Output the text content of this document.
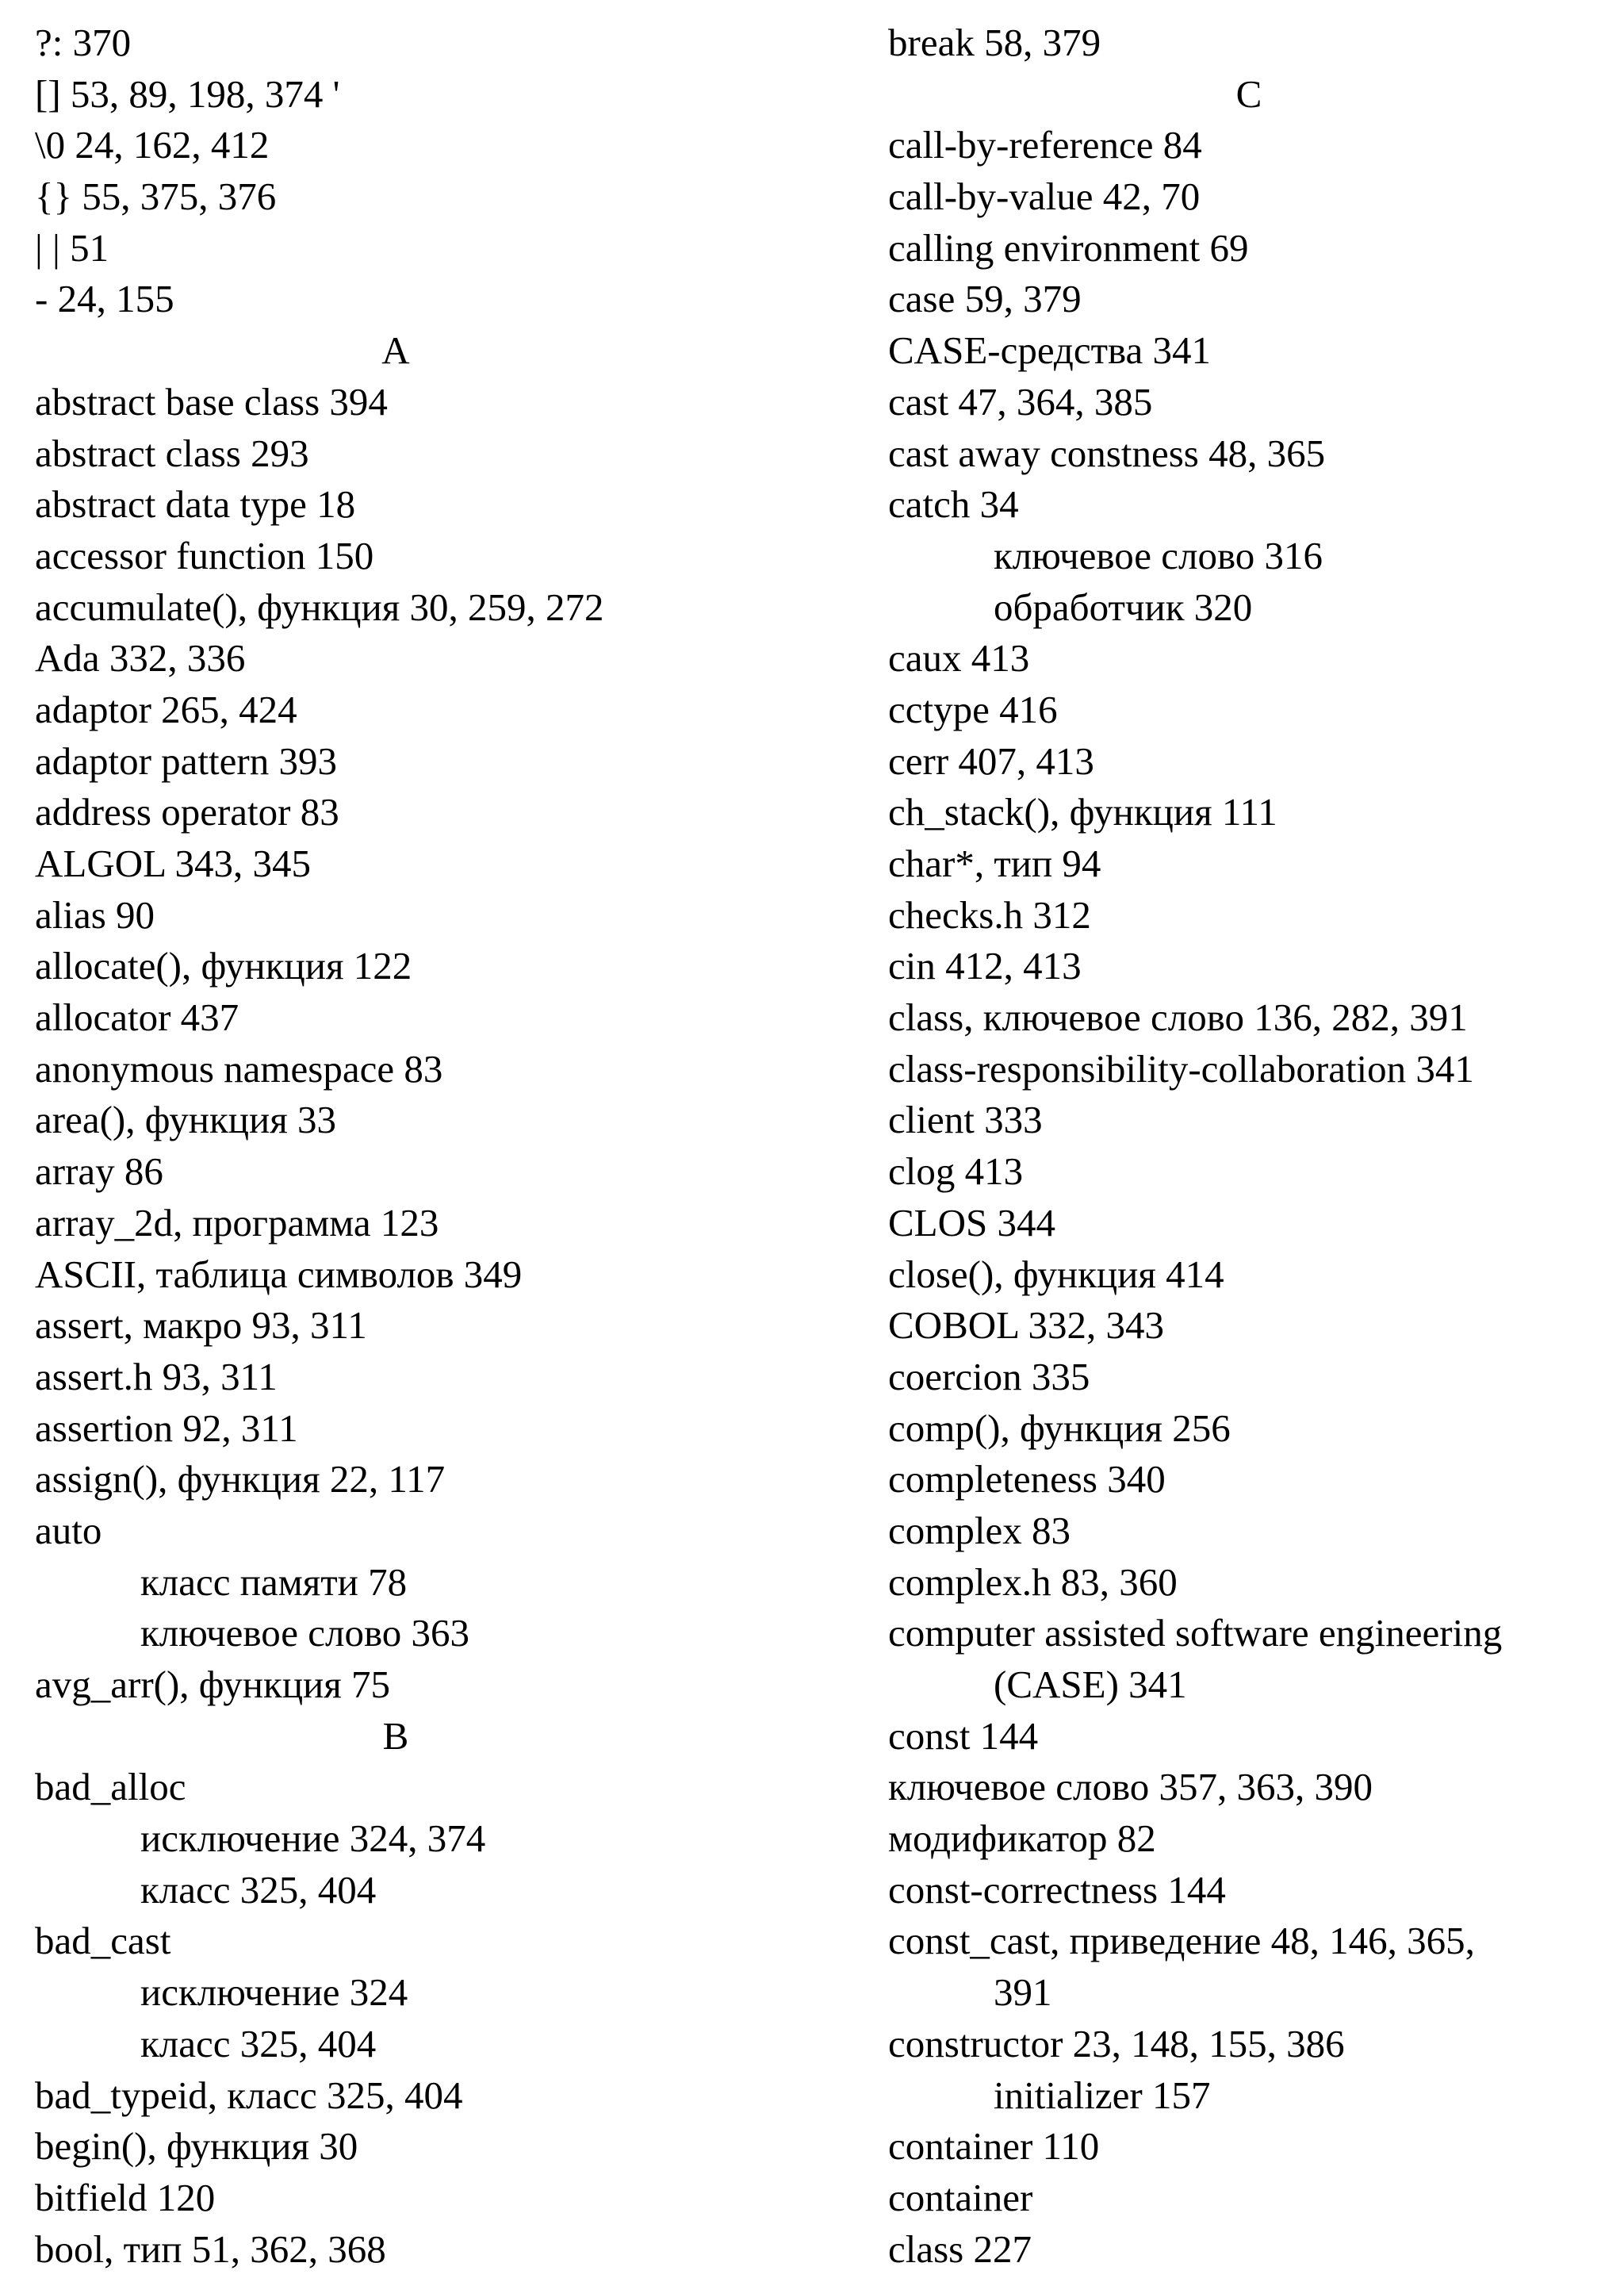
?: 370
[] 53, 89, 198, 374 '
\0 24, 162, 412
{} 55, 375, 376
| | 51
- 24, 155
A
abstract base class 394
abstract class 293
abstract data type 18
accessor function 150
accumulate(), функция 30, 259, 272
Ada 332, 336
adaptor 265, 424
adaptor pattern 393
address operator 83
ALGOL 343, 345
alias 90
allocate(), функция 122
allocator 437
anonymous namespace 83
area(), функция 33
array 86
array_2d, программа 123
ASCII, таблица символов 349
assert, макро 93, 311
assert.h 93, 311
assertion 92, 311
assign(), функция 22, 117
auto
класс памяти 78
ключевое слово 363
avg_arr(), функция 75
B
bad_alloc
исключение 324, 374
класс 325, 404
bad_cast
исключение 324
класс 325, 404
bad_typeid, класс 325, 404
begin(), функция 30
bitfield 120
bool, тип 51, 362, 368
break 58, 379
C
call-by-reference 84
call-by-value 42, 70
calling environment 69
case 59, 379
CASE-средства 341
cast 47, 364, 385
cast away constness 48, 365
catch 34
ключевое слово 316
обработчик 320
caux 413
cctype 416
cerr 407, 413
ch_stack(), функция 111
char*, тип 94
checks.h 312
cin 412, 413
class, ключевое слово 136, 282, 391
class-responsibility-collaboration 341
client 333
clog 413
CLOS 344
close(), функция 414
COBOL 332, 343
coercion 335
comp(), функция 256
completeness 340
complex 83
complex.h 83, 360
computer assisted software engineering
(CASE) 341
const 144
ключевое слово 357, 363, 390
модификатор 82
const-correctness 144
const_cast, приведение 48, 146, 365,
391
constructor 23, 148, 155, 386
initializer 157
container 110
container
class 227
